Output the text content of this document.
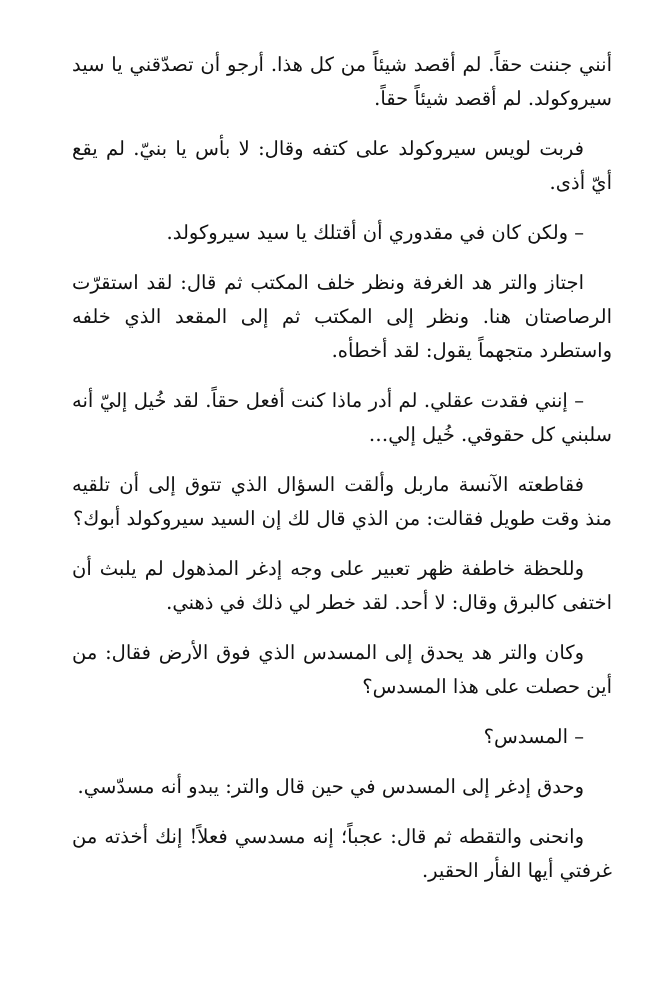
أنني جننت حقاً. لم أقصد شيئاً من كل هذا. أرجو أن تصدّقني يا سيد سيروكولد. لم أقصد شيئاً حقاً.

فربت لويس سيروكولد على كتفه وقال: لا بأس يا بنيّ. لم يقع أيّ أذى.

– ولكن كان في مقدوري أن أقتلك يا سيد سيروكولد.

اجتاز والتر هد الغرفة ونظر خلف المكتب ثم قال: لقد استقرّت الرصاصتان هنا. ونظر إلى المكتب ثم إلى المقعد الذي خلفه واستطرد متجهماً يقول: لقد أخطأه.

– إنني فقدت عقلي. لم أدر ماذا كنت أفعل حقاً. لقد خُيل إليّ أنه سلبني كل حقوقي. خُيل إلي…

فقاطعته الآنسة ماربل وألقت السؤال الذي تتوق إلى أن تلقيه منذ وقت طويل فقالت: من الذي قال لك إن السيد سيروكولد أبوك؟

وللحظة خاطفة ظهر تعبير على وجه إدغر المذهول لم يلبث أن اختفى كالبرق وقال: لا أحد. لقد خطر لي ذلك في ذهني.

وكان والتر هد يحدق إلى المسدس الذي فوق الأرض فقال: من أين حصلت على هذا المسدس؟

– المسدس؟

وحدق إدغر إلى المسدس في حين قال والتر: يبدو أنه مسدّسي.

وانحنى والتقطه ثم قال: عجباً؛ إنه مسدسي فعلاً! إنك أخذته من غرفتي أيها الفأر الحقير.
